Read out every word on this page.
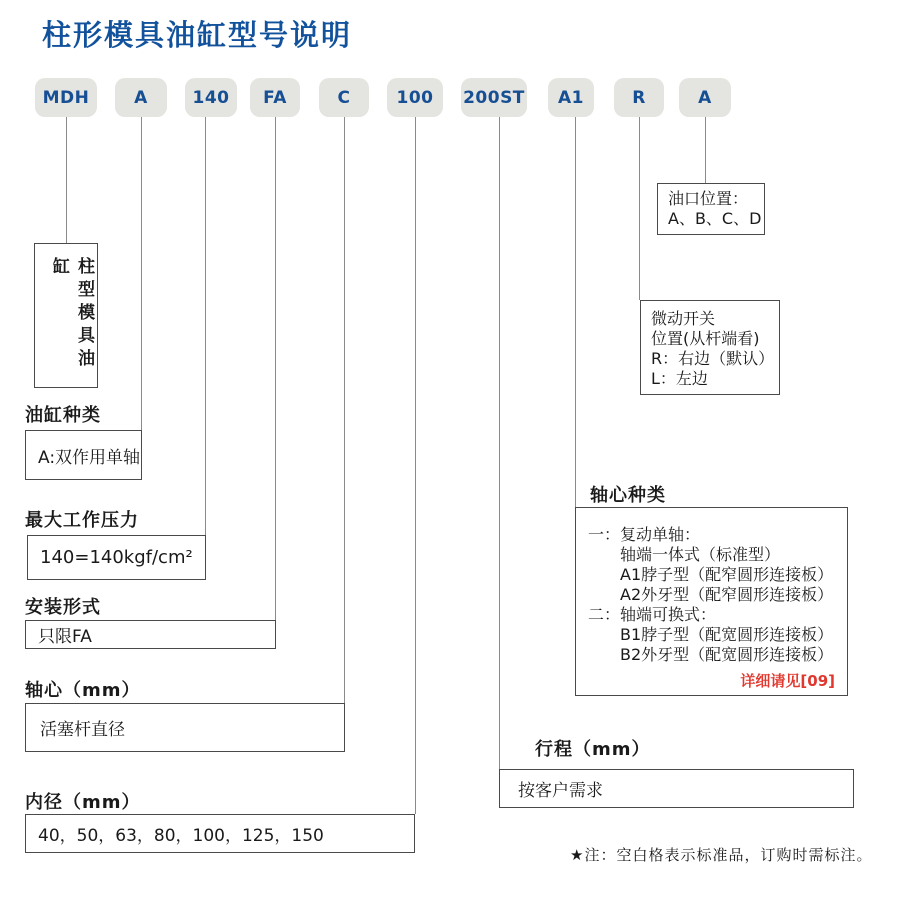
柱形模具油缸型号说明
MDH	A	140	FA	C	100	200ST	A1	R	A
柱型模具油缸
油缸种类
A:双作用单轴
最大工作压力
140=140kgf/cm²
安装形式
只限FA
轴心（mm）
活塞杆直径
内径（mm）
40，50，63，80，100，125，150
行程（mm）
按客户需求
轴心种类
一：复动单轴：
轴端一体式（标准型）
A1脖子型（配窄圆形连接板）
A2外牙型（配窄圆形连接板）
二：轴端可换式：
B1脖子型（配宽圆形连接板）
B2外牙型（配宽圆形连接板）
详细请见[09]
微动开关
位置(从杆端看)
R：右边（默认）
L：左边
油口位置：
A、B、C、D
★注：空白格表示标准品，订购时需标注。
